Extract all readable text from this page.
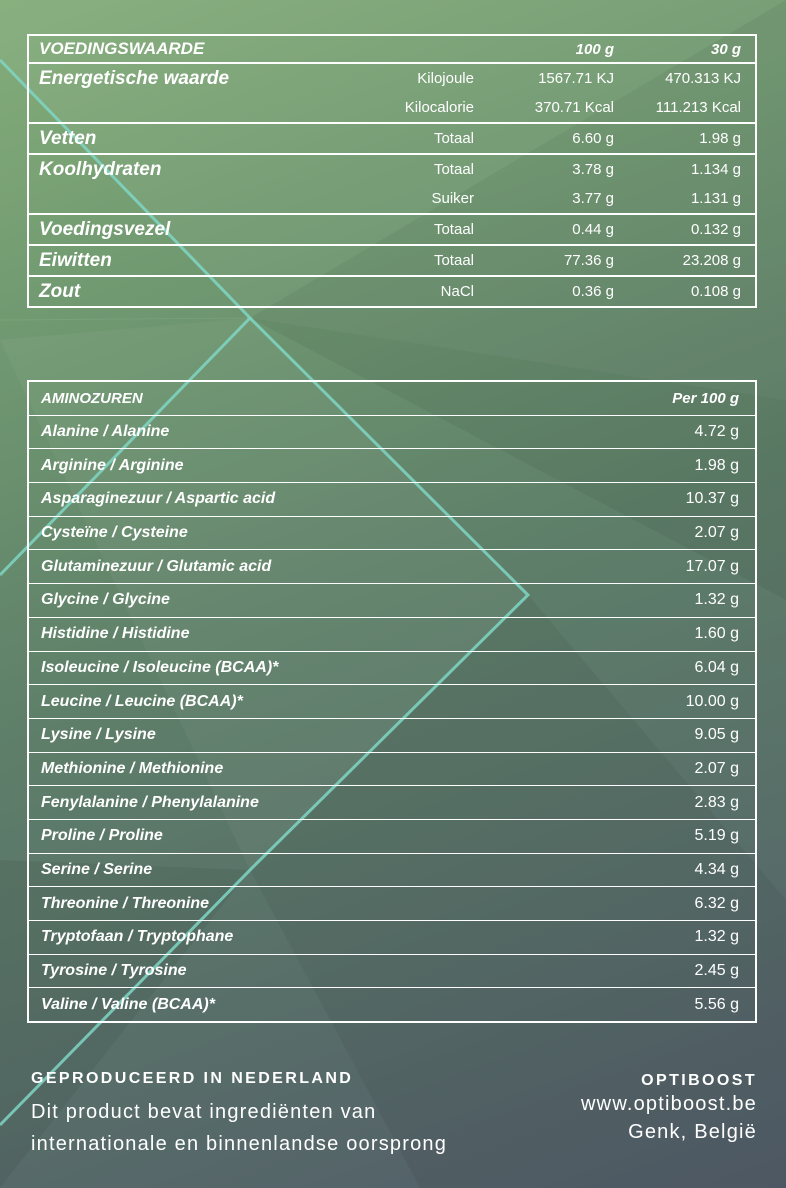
VOEDINGSWAARDE		100 g	30 g
Energetische waarde	Kilojoule	1567.71 KJ	470.313 KJ
	Kilocalorie	370.71 Kcal	111.213 Kcal
Vetten	Totaal	6.60 g	1.98 g
Koolhydraten	Totaal	3.78 g	1.134 g
	Suiker	3.77 g	1.131 g
Voedingsvezel	Totaal	0.44 g	0.132 g
Eiwitten	Totaal	77.36 g	23.208 g
Zout	NaCl	0.36 g	0.108 g
AMINOZUREN	Per 100 g
Alanine / Alanine	4.72 g
Arginine / Arginine	1.98 g
Asparaginezuur / Aspartic acid	10.37 g
Cysteïne / Cysteine	2.07 g
Glutaminezuur / Glutamic acid	17.07 g
Glycine / Glycine	1.32 g
Histidine / Histidine	1.60 g
Isoleucine / Isoleucine (BCAA)*	6.04 g
Leucine / Leucine (BCAA)*	10.00 g
Lysine / Lysine	9.05 g
Methionine / Methionine	2.07 g
Fenylalanine / Phenylalanine	2.83 g
Proline / Proline	5.19 g
Serine / Serine	4.34 g
Threonine / Threonine	6.32 g
Tryptofaan / Tryptophane	1.32 g
Tyrosine / Tyrosine	2.45 g
Valine / Valine (BCAA)*	5.56 g
GEPRODUCEERD IN NEDERLAND
Dit product bevat ingrediënten van internationale en binnenlandse oorsprong
OPTIBOOST
www.optiboost.be
Genk, België
